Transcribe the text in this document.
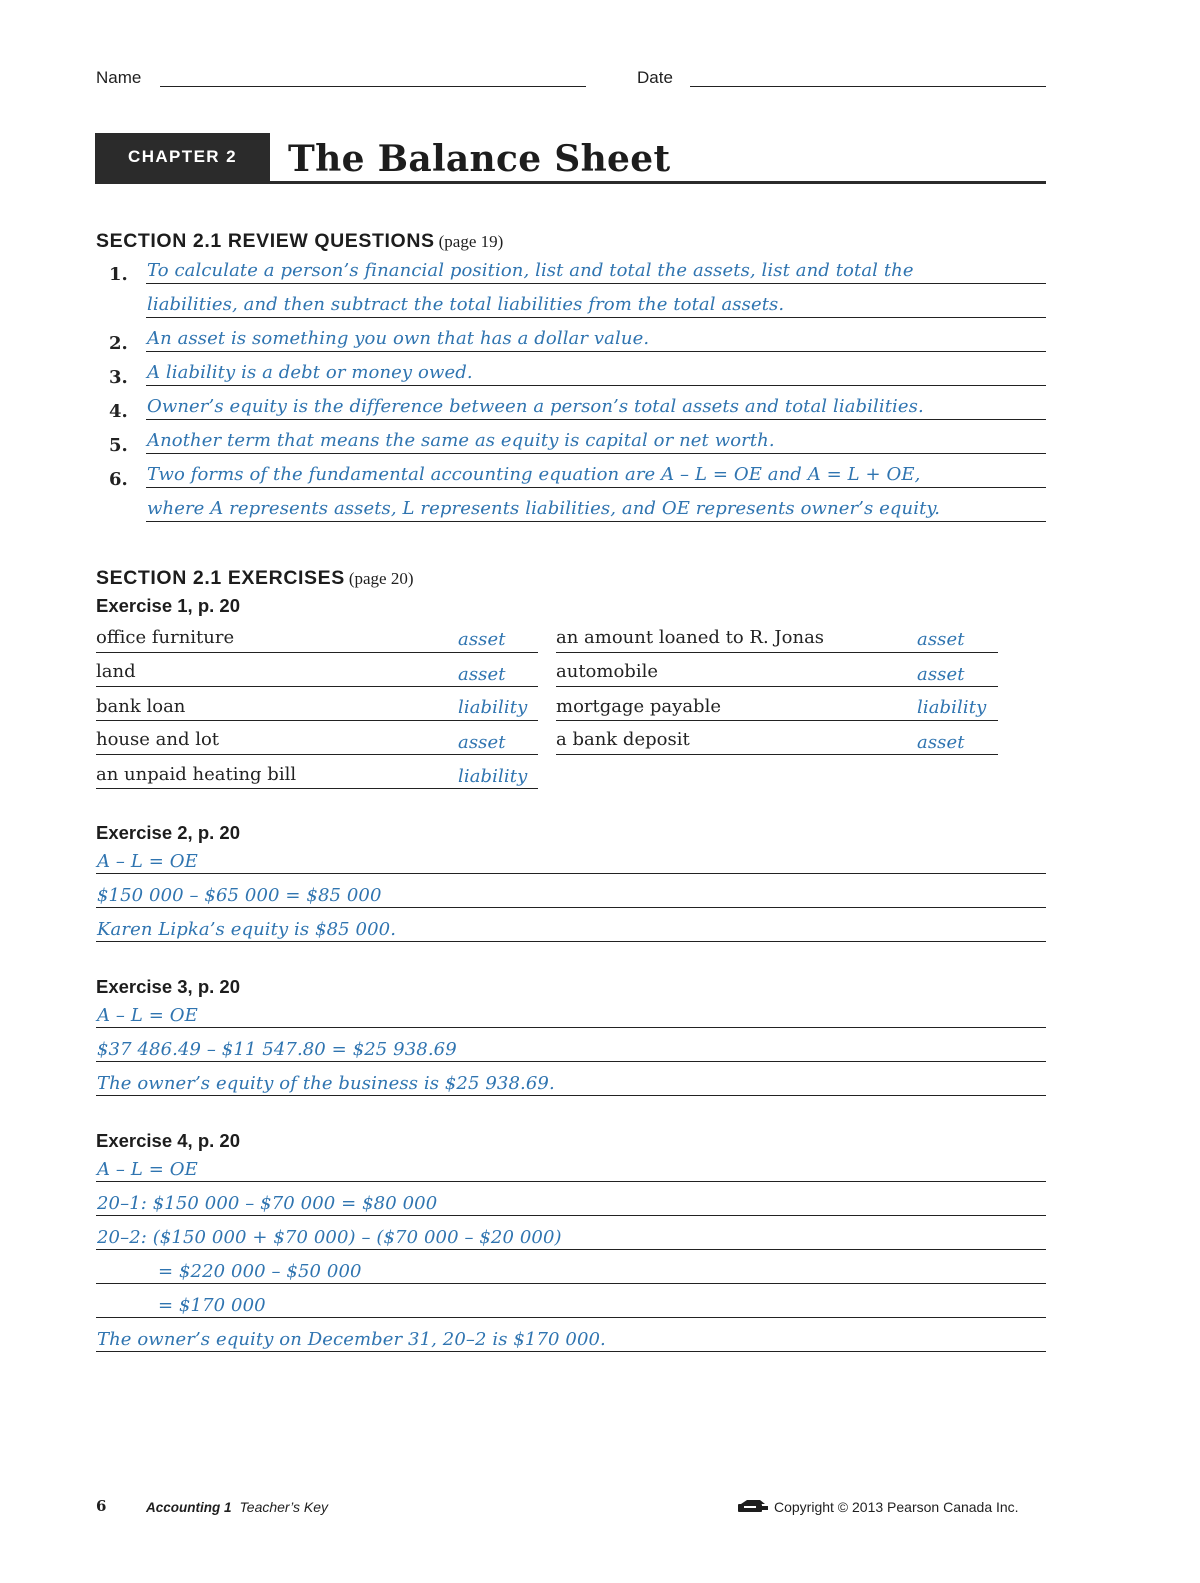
Name	Date
CHAPTER 2	The Balance Sheet
SECTION 2.1 REVIEW QUESTIONS (page 19)
1. To calculate a person’s financial position, list and total the assets, list and total the
liabilities, and then subtract the total liabilities from the total assets.
2. An asset is something you own that has a dollar value.
3. A liability is a debt or money owed.
4. Owner’s equity is the difference between a person’s total assets and total liabilities.
5. Another term that means the same as equity is capital or net worth.
6. Two forms of the fundamental accounting equation are A – L = OE and A = L + OE,
where A represents assets, L represents liabilities, and OE represents owner’s equity.
SECTION 2.1 EXERCISES (page 20)
Exercise 1, p. 20
office furniture	asset
land	asset
bank loan	liability
house and lot	asset
an unpaid heating bill	liability
an amount loaned to R. Jonas	asset
automobile	asset
mortgage payable	liability
a bank deposit	asset
Exercise 2, p. 20
A – L = OE
$150 000 – $65 000 = $85 000
Karen Lipka’s equity is $85 000.
Exercise 3, p. 20
A – L = OE
$37 486.49 – $11 547.80 = $25 938.69
The owner’s equity of the business is $25 938.69.
Exercise 4, p. 20
A – L = OE
20–1: $150 000 – $70 000 = $80 000
20–2: ($150 000 + $70 000) – ($70 000 – $20 000)
= $220 000 – $50 000
= $170 000
The owner’s equity on December 31, 20–2 is $170 000.
6	Accounting 1 Teacher’s Key	Copyright © 2013 Pearson Canada Inc.
